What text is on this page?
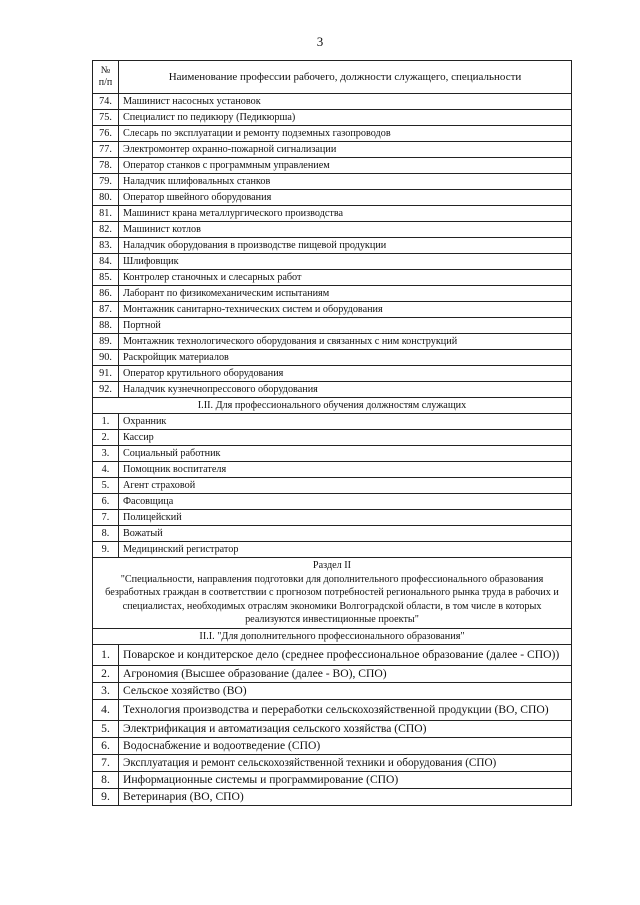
3
№
п/п	Наименование профессии рабочего, должности служащего, специальности
74.	Машинист насосных установок
75.	Специалист по педикюру (Педикюрша)
76.	Слесарь по эксплуатации и ремонту подземных газопроводов
77.	Электромонтер охранно-пожарной сигнализации
78.	Оператор станков с программным управлением
79.	Наладчик шлифовальных станков
80.	Оператор швейного оборудования
81.	Машинист крана металлургического производства
82.	Машинист котлов
83.	Наладчик оборудования в производстве пищевой продукции
84.	Шлифовщик
85.	Контролер станочных и слесарных работ
86.	Лаборант по физикомеханическим испытаниям
87.	Монтажник санитарно-технических систем и оборудования
88.	Портной
89.	Монтажник технологического оборудования и связанных с ним конструкций
90.	Раскройщик материалов
91.	Оператор крутильного оборудования
92.	Наладчик кузнечнопрессового оборудования
I.II. Для профессионального обучения должностям служащих	
1.	Охранник
2.	Кассир
3.	Социальный работник
4.	Помощник воспитателя
5.	Агент страховой
6.	Фасовщица
7.	Полицейский
8.	Вожатый
9.	Медицинский регистратор

Раздел II
"Специальности, направления подготовки для дополнительного профессионального образования безработных граждан в соответствии с прогнозом потребностей регионального рынка труда в рабочих и специалистах, необходимых отраслям экономики Волгоградской области, в том числе в которых реализуются инвестиционные проекты"	

II.I. "Для дополнительного профессионального образования"	
1.	Поварское и кондитерское дело (среднее профессиональное образование (далее - СПО))
2.	Агрономия (Высшее образование (далее - ВО), СПО)
3.	Сельское хозяйство (ВО)
4.	Технология производства и переработки сельскохозяйственной продукции (ВО, СПО)
5.	Электрификация и автоматизация сельского хозяйства (СПО)
6.	Водоснабжение и водоотведение (СПО)
7.	Эксплуатация и ремонт сельскохозяйственной техники и оборудования (СПО)
8.	Информационные системы и программирование (СПО)
9.	Ветеринария (ВО, СПО)
